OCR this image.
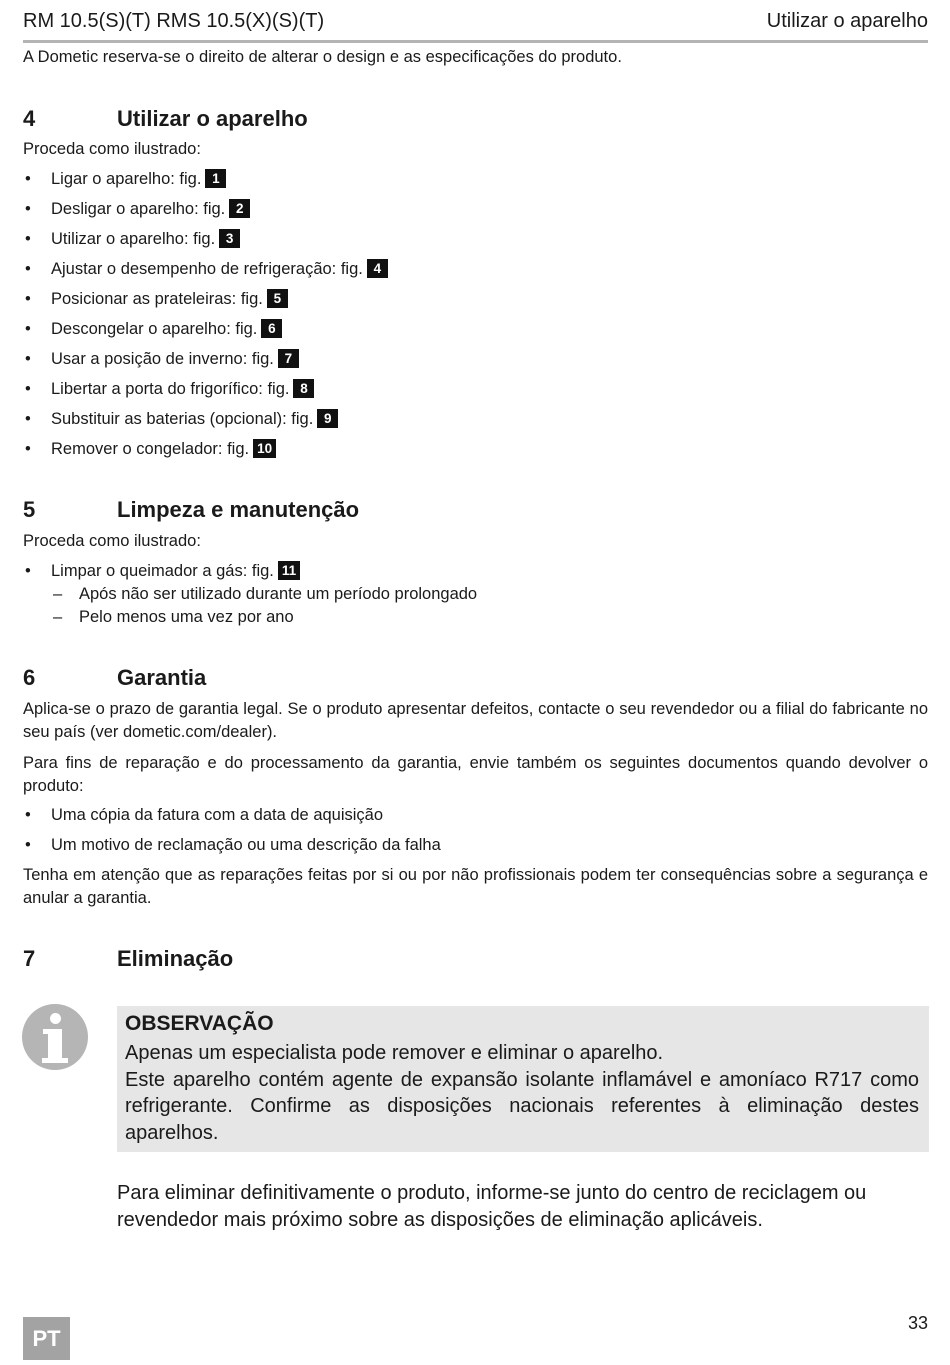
RM 10.5(S)(T) RMS 10.5(X)(S)(T)	Utilizar o aparelho
A Dometic reserva-se o direito de alterar o design e as especificações do produto.
4	Utilizar o aparelho
Proceda como ilustrado:
• Ligar o aparelho: fig. 1
• Desligar o aparelho: fig. 2
• Utilizar o aparelho: fig. 3
• Ajustar o desempenho de refrigeração: fig. 4
• Posicionar as prateleiras: fig. 5
• Descongelar o aparelho: fig. 6
• Usar a posição de inverno: fig. 7
• Libertar a porta do frigorífico: fig. 8
• Substituir as baterias (opcional): fig. 9
• Remover o congelador: fig. 10
5	Limpeza e manutenção
Proceda como ilustrado:
• Limpar o queimador a gás: fig. 11
– Após não ser utilizado durante um período prolongado
– Pelo menos uma vez por ano
6	Garantia
Aplica-se o prazo de garantia legal. Se o produto apresentar defeitos, contacte o seu revendedor ou a filial do fabricante no seu país (ver dometic.com/dealer).
Para fins de reparação e do processamento da garantia, envie também os seguintes documentos quando devolver o produto:
• Uma cópia da fatura com a data de aquisição
• Um motivo de reclamação ou uma descrição da falha
Tenha em atenção que as reparações feitas por si ou por não profissionais podem ter consequências sobre a segurança e anular a garantia.
7	Eliminação
OBSERVAÇÃO
Apenas um especialista pode remover e eliminar o aparelho.
Este aparelho contém agente de expansão isolante inflamável e amoníaco R717 como refrigerante. Confirme as disposições nacionais referentes à eliminação destes aparelhos.
Para eliminar definitivamente o produto, informe-se junto do centro de reciclagem ou revendedor mais próximo sobre as disposições de eliminação aplicáveis.
PT
33
